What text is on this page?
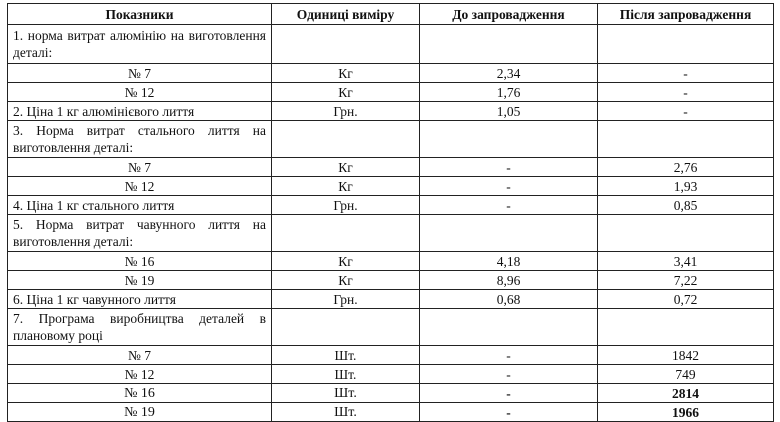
Показники	Одиниці виміру	До запровадження	Після запровадження
1. норма витрат алюмінію на виготовлення деталі:			
№ 7	Кг	2,34	-
№ 12	Кг	1,76	-
2. Ціна 1 кг алюмінієвого лиття	Грн.	1,05	-
3. Норма витрат стального лиття на виготовлення деталі:			
№ 7	Кг	-	2,76
№ 12	Кг	-	1,93
4. Ціна 1 кг стального лиття	Грн.	-	0,85
5. Норма витрат чавунного лиття на виготовлення деталі:			
№ 16	Кг	4,18	3,41
№ 19	Кг	8,96	7,22
6. Ціна 1 кг чавунного лиття	Грн.	0,68	0,72
7. Програма виробництва деталей в плановому році			
№ 7	Шт.	-	1842
№ 12	Шт.	-	749
№ 16	Шт.	-	2814
№ 19	Шт.	-	1966
